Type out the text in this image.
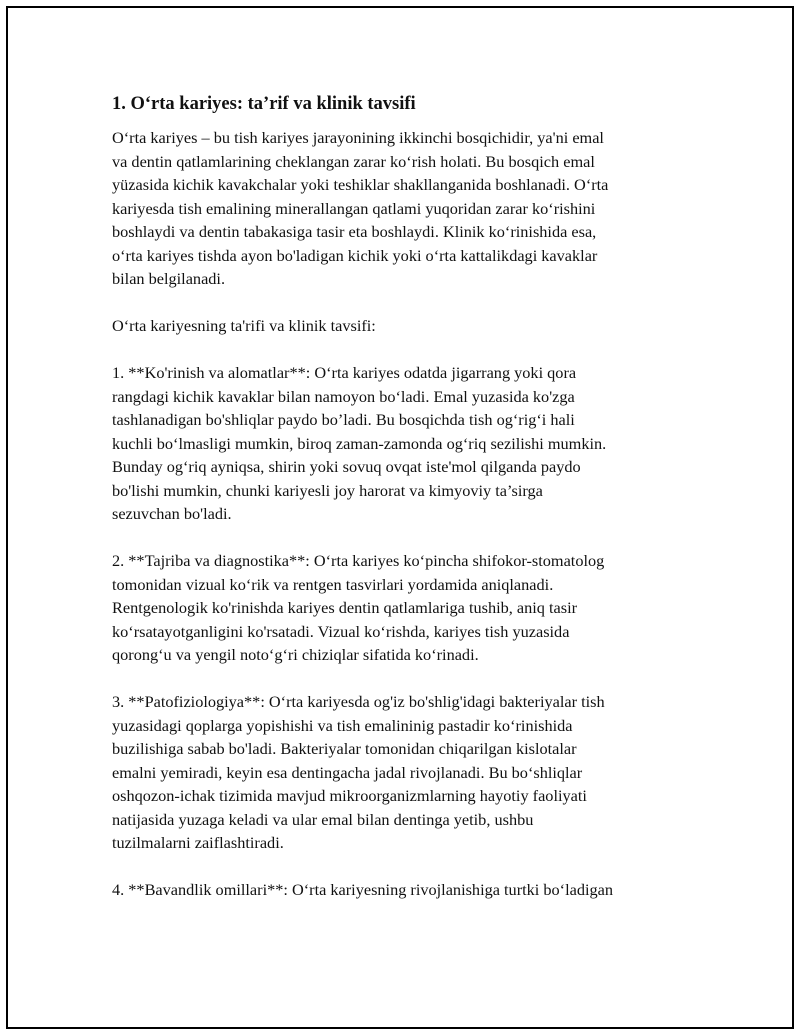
1. O‘rta kariyes: ta’rif va klinik tavsifi

O‘rta kariyes – bu tish kariyes jarayonining ikkinchi bosqichidir, ya'ni emal
va dentin qatlamlarining cheklangan zarar ko‘rish holati. Bu bosqich emal
yüzasida kichik kavakchalar yoki teshiklar shakllanganida boshlanadi. O‘rta
kariyesda tish emalining minerallangan qatlami yuqoridan zarar ko‘rishini
boshlaydi va dentin tabakasiga tasir eta boshlaydi. Klinik ko‘rinishida esa,
o‘rta kariyes tishda ayon bo'ladigan kichik yoki o‘rta kattalikdagi kavaklar
bilan belgilanadi.

O‘rta kariyesning ta'rifi va klinik tavsifi:

1. **Ko'rinish va alomatlar**: O‘rta kariyes odatda jigarrang yoki qora
rangdagi kichik kavaklar bilan namoyon bo‘ladi. Emal yuzasida ko'zga
tashlanadigan bo'shliqlar paydo bo’ladi. Bu bosqichda tish og‘rig‘i hali
kuchli bo‘lmasligi mumkin, biroq zaman-zamonda og‘riq sezilishi mumkin.
Bunday og‘riq ayniqsa, shirin yoki sovuq ovqat iste'mol qilganda paydo
bo'lishi mumkin, chunki kariyesli joy harorat va kimyoviy ta’sirga
sezuvchan bo'ladi.

2. **Tajriba va diagnostika**: O‘rta kariyes ko‘pincha shifokor-stomatolog
tomonidan vizual ko‘rik va rentgen tasvirlari yordamida aniqlanadi.
Rentgenologik ko'rinishda kariyes dentin qatlamlariga tushib, aniq tasir
ko‘rsatayotganligini ko'rsatadi. Vizual ko‘rishda, kariyes tish yuzasida
qorong‘u va yengil noto‘g‘ri chiziqlar sifatida ko‘rinadi.

3. **Patofiziologiya**: O‘rta kariyesda og'iz bo'shlig'idagi bakteriyalar tish
yuzasidagi qoplarga yopishishi va tish emalininig pastadir ko‘rinishida
buzilishiga sabab bo'ladi. Bakteriyalar tomonidan chiqarilgan kislotalar
emalni yemiradi, keyin esa dentingacha jadal rivojlanadi. Bu bo‘shliqlar
oshqozon-ichak tizimida mavjud mikroorganizmlarning hayotiy faoliyati
natijasida yuzaga keladi va ular emal bilan dentinga yetib, ushbu
tuzilmalarni zaiflashtiradi.

4. **Bavandlik omillari**: O‘rta kariyesning rivojlanishiga turtki bo‘ladigan
